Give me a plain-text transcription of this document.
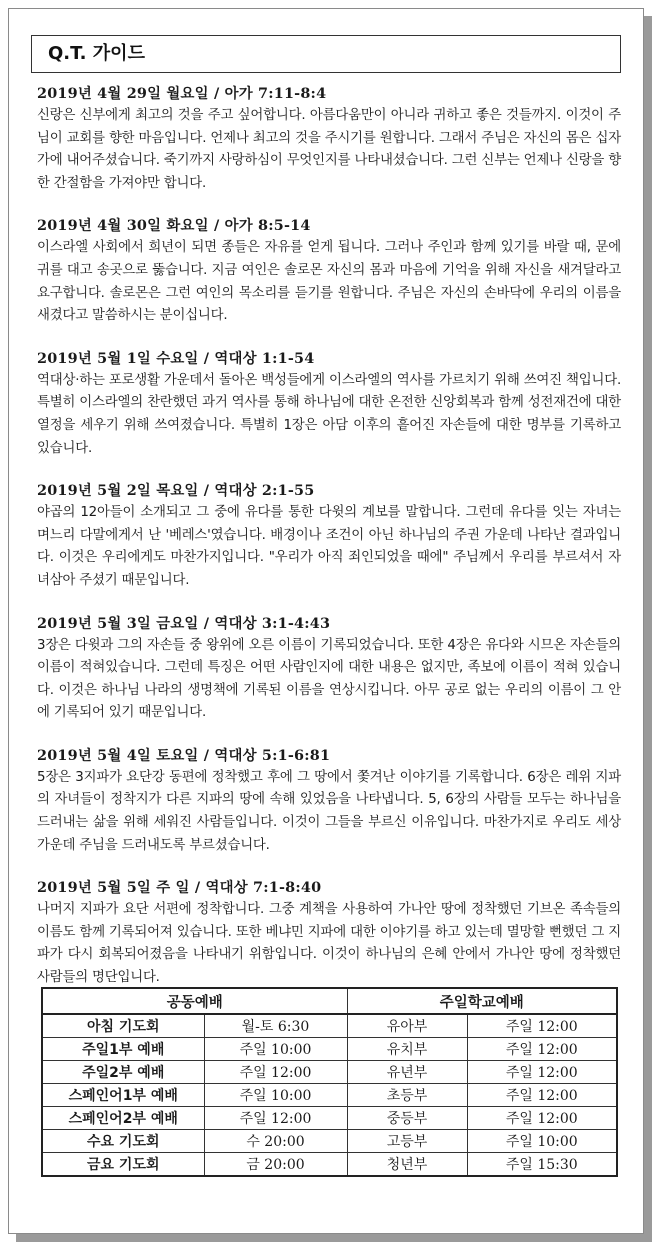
Q.T. 가이드
2019년 4월 29일 월요일 / 아가 7:11-8:4
신랑은 신부에게 최고의 것을 주고 싶어합니다. 아름다움만이 아니라 귀하고 좋은 것들까지. 이것이 주님이 교회를 향한 마음입니다. 언제나 최고의 것을 주시기를 원합니다. 그래서 주님은 자신의 몸은 십자가에 내어주셨습니다. 죽기까지 사랑하심이 무엇인지를 나타내셨습니다. 그런 신부는 언제나 신랑을 향한 간절함을 가져야만 합니다.
2019년 4월 30일 화요일 / 아가 8:5-14
이스라엘 사회에서 희년이 되면 종들은 자유를 얻게 됩니다. 그러나 주인과 함께 있기를 바랄 때, 문에 귀를 대고 송곳으로 뚫습니다. 지금 여인은 솔로몬 자신의 몸과 마음에 기억을 위해 자신을 새겨달라고 요구합니다. 솔로몬은 그런 여인의 목소리를 듣기를 원합니다. 주님은 자신의 손바닥에 우리의 이름을 새겼다고 말씀하시는 분이십니다.
2019년 5월 1일 수요일 / 역대상 1:1-54
역대상·하는 포로생활 가운데서 돌아온 백성들에게 이스라엘의 역사를 가르치기 위해 쓰여진 책입니다. 특별히 이스라엘의 찬란했던 과거 역사를 통해 하나님에 대한 온전한 신앙회복과 함께 성전재건에 대한 열정을 세우기 위해 쓰여졌습니다. 특별히 1장은 아담 이후의 흩어진 자손들에 대한 명부를 기록하고 있습니다.
2019년 5월 2일 목요일 / 역대상 2:1-55
야곱의 12아들이 소개되고 그 중에 유다를 통한 다윗의 계보를 말합니다. 그런데 유다를 잇는 자녀는 며느리 다말에게서 난 '베레스'였습니다. 배경이나 조건이 아닌 하나님의 주권 가운데 나타난 결과입니다. 이것은 우리에게도 마찬가지입니다. "우리가 아직 죄인되었을 때에" 주님께서 우리를 부르셔서 자녀삼아 주셨기 때문입니다.
2019년 5월 3일 금요일 / 역대상 3:1-4:43
3장은 다윗과 그의 자손들 중 왕위에 오른 이름이 기록되었습니다. 또한 4장은 유다와 시므온 자손들의 이름이 적혀있습니다. 그런데 특징은 어떤 사람인지에 대한 내용은 없지만, 족보에 이름이 적혀 있습니다. 이것은 하나님 나라의 생명책에 기록된 이름을 연상시킵니다. 아무 공로 없는 우리의 이름이 그 안에 기록되어 있기 때문입니다.
2019년 5월 4일 토요일 / 역대상 5:1-6:81
5장은 3지파가 요단강 동편에 정착했고 후에 그 땅에서 쫓겨난 이야기를 기록합니다. 6장은 레위 지파의 자녀들이 정착지가 다른 지파의 땅에 속해 있었음을 나타냅니다. 5, 6장의 사람들 모두는 하나님을 드러내는 삶을 위해 세워진 사람들입니다. 이것이 그들을 부르신 이유입니다. 마찬가지로 우리도 세상 가운데 주님을 드러내도록 부르셨습니다.
2019년 5월 5일 주 일 / 역대상 7:1-8:40
나머지 지파가 요단 서편에 정착합니다. 그중 계책을 사용하여 가나안 땅에 정착했던 기브온 족속들의 이름도 함께 기록되어져 있습니다. 또한 베냐민 지파에 대한 이야기를 하고 있는데 멸망할 뻔했던 그 지파가 다시 회복되어졌음을 나타내기 위함입니다. 이것이 하나님의 은혜 안에서 가나안 땅에 정착했던 사람들의 명단입니다.
공동예배		주일학교예배	
아침 기도회	월-토 6:30	유아부	주일 12:00
주일1부 예배	주일 10:00	유치부	주일 12:00
주일2부 예배	주일 12:00	유년부	주일 12:00
스페인어1부 예배	주일 10:00	초등부	주일 12:00
스페인어2부 예배	주일 12:00	중등부	주일 12:00
수요 기도회	수 20:00	고등부	주일 10:00
금요 기도회	금 20:00	청년부	주일 15:30
